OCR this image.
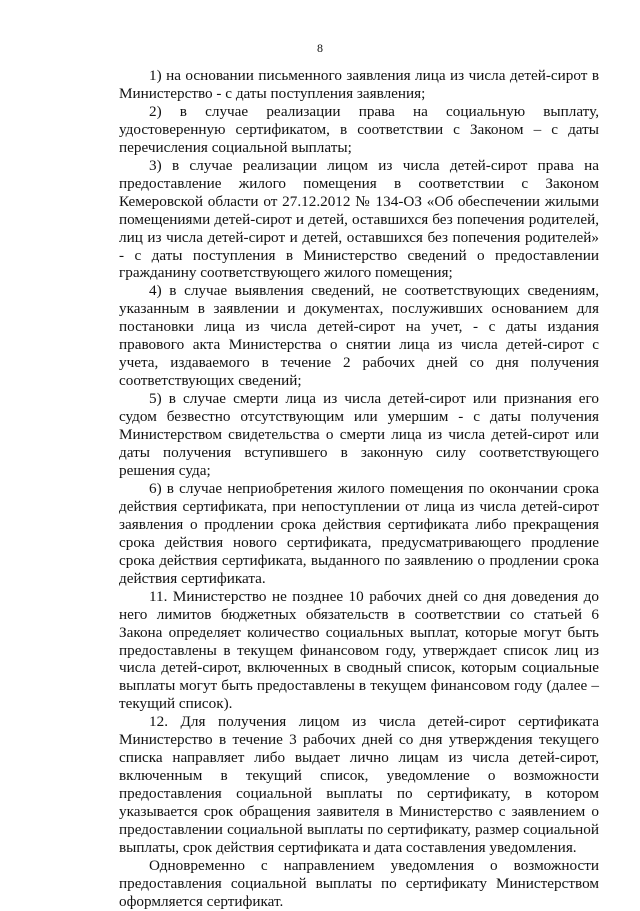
8

1) на основании письменного заявления лица из числа детей-сирот в Министерство - с даты поступления заявления;

2) в случае реализации права на социальную выплату, удостоверенную сертификатом, в соответствии с Законом – с даты перечисления социальной выплаты;

3) в случае реализации лицом из числа детей-сирот права на предоставление жилого помещения в соответствии с Законом Кемеровской области от 27.12.2012 № 134-ОЗ «Об обеспечении жилыми помещениями детей-сирот и детей, оставшихся без попечения родителей, лиц из числа детей-сирот и детей, оставшихся без попечения родителей» - с даты поступления в Министерство сведений о предоставлении гражданину соответствующего жилого помещения;

4) в случае выявления сведений, не соответствующих сведениям, указанным в заявлении и документах, послуживших основанием для постановки лица из числа детей-сирот на учет, - с даты издания правового акта Министерства о снятии лица из числа детей-сирот с учета, издаваемого в течение 2 рабочих дней со дня получения соответствующих сведений;

5) в случае смерти лица из числа детей-сирот или признания его судом безвестно отсутствующим или умершим - с даты получения Министерством свидетельства о смерти лица из числа детей-сирот или даты получения вступившего в законную силу соответствующего решения суда;

6) в случае неприобретения жилого помещения по окончании срока действия сертификата, при непоступлении от лица из числа детей-сирот заявления о продлении срока действия сертификата либо прекращения срока действия нового сертификата, предусматривающего продление срока действия сертификата, выданного по заявлению о продлении срока действия сертификата.

11. Министерство не позднее 10 рабочих дней со дня доведения до него лимитов бюджетных обязательств в соответствии со статьей 6 Закона определяет количество социальных выплат, которые могут быть предоставлены в текущем финансовом году, утверждает список лиц из числа детей-сирот, включенных в сводный список, которым социальные выплаты могут быть предоставлены в текущем финансовом году (далее – текущий список).

12. Для получения лицом из числа детей-сирот сертификата Министерство в течение 3 рабочих дней со дня утверждения текущего списка направляет либо выдает лично лицам из числа детей-сирот, включенным в текущий список, уведомление о возможности предоставления социальной выплаты по сертификату, в котором указывается срок обращения заявителя в Министерство с заявлением о предоставлении социальной выплаты по сертификату, размер социальной выплаты, срок действия сертификата и дата составления уведомления.

Одновременно с направлением уведомления о возможности предоставления социальной выплаты по сертификату Министерством оформляется сертификат.
